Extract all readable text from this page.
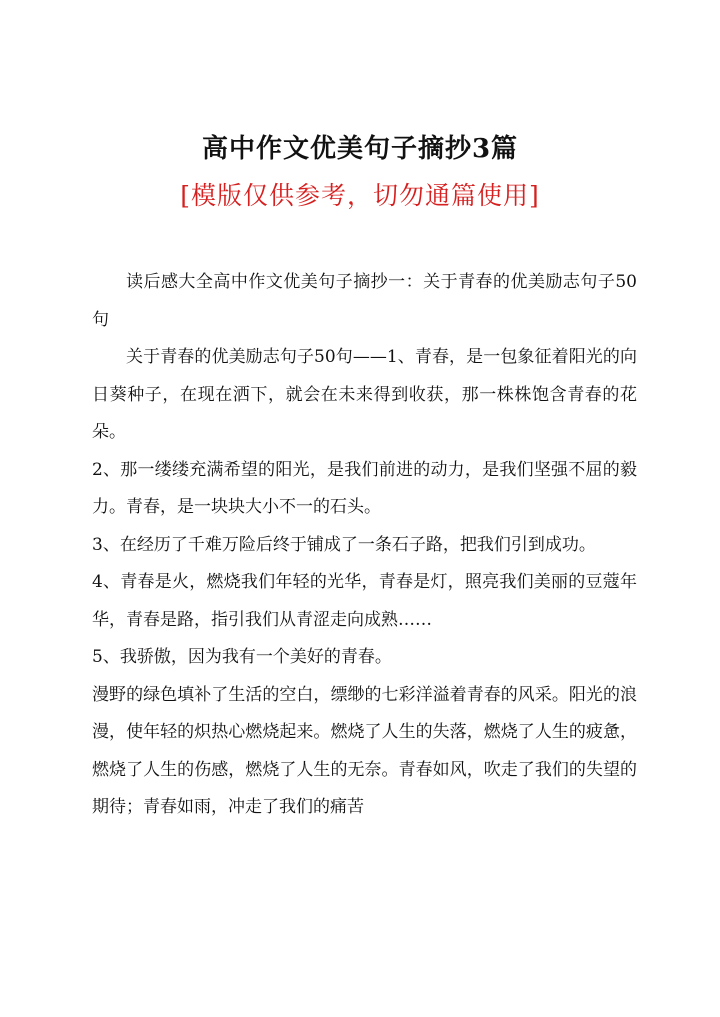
高中作文优美句子摘抄3篇
[模版仅供参考，切勿通篇使用]

读后感大全高中作文优美句子摘抄一：关于青春的优美励志句子50句

关于青春的优美励志句子50句——1、青春，是一包象征着阳光的向日葵种子，在现在洒下，就会在未来得到收获，那一株株饱含青春的花朵。

2、那一缕缕充满希望的阳光，是我们前进的动力，是我们坚强不屈的毅力。青春，是一块块大小不一的石头。

3、在经历了千难万险后终于铺成了一条石子路，把我们引到成功。

4、青春是火，燃烧我们年轻的光华，青春是灯，照亮我们美丽的豆蔻年华，青春是路，指引我们从青涩走向成熟……

5、我骄傲，因为我有一个美好的青春。

漫野的绿色填补了生活的空白，缥缈的七彩洋溢着青春的风采。阳光的浪漫，使年轻的炽热心燃烧起来。燃烧了人生的失落，燃烧了人生的疲惫，燃烧了人生的伤感，燃烧了人生的无奈。青春如风，吹走了我们的失望的期待；青春如雨，冲走了我们的痛苦
